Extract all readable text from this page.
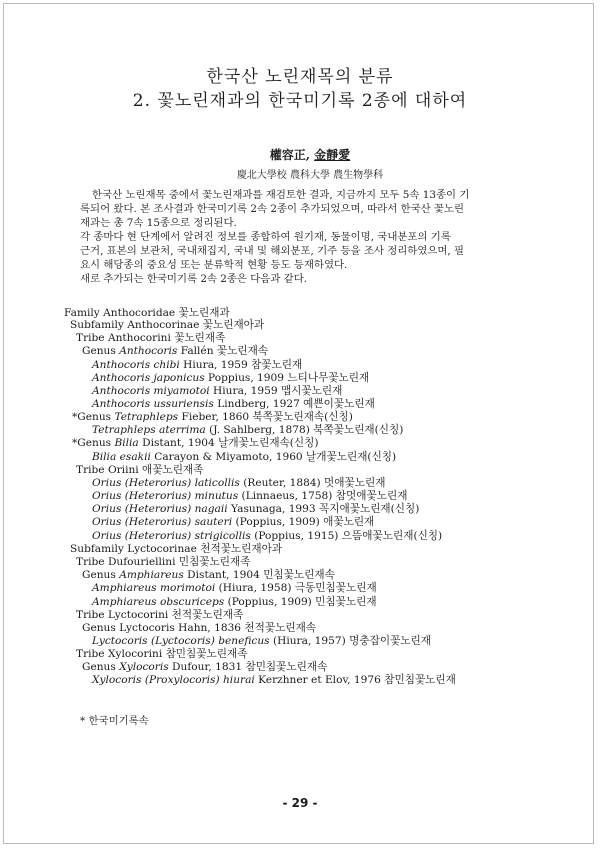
한국산 노린재목의 분류
2. 꽃노린재과의 한국미기록 2종에 대하여
權容正, 金靜愛
慶北大學校 農科大學 農生物學科
한국산 노린재목 중에서 꽃노린재과를 재검토한 결과, 지금까지 모두 5속 13종이 기
록되어 왔다. 본 조사결과 한국미기록 2속 2종이 추가되었으며, 따라서 한국산 꽃노린
재과는 총 7속 15종으로 정리된다.
각 종마다 현 단계에서 알려진 정보를 종합하여 원기재, 동물이명, 국내분포의 기록
근거, 표본의 보관처, 국내채집지, 국내 및 해외분포, 기주 등을 조사 정리하였으며, 필
요시 해당종의 중요성 또는 분류학적 현황 등도 등재하였다.
새로 추가되는 한국미기록 2속 2종은 다음과 같다.
Family Anthocoridae 꽃노린재과
Subfamily Anthocorinae 꽃노린재아과
Tribe Anthocorini 꽃노린재족
Genus Anthocoris Fallén 꽃노린재속
Anthocoris chibi Hiura, 1959 참꽃노린재
Anthocoris japonicus Poppius, 1909 느티나무꽃노린재
Anthocoris miyamotoi Hiura, 1959 맵시꽃노린재
Anthocoris ussuriensis Lindberg, 1927 예쁜이꽃노린재
*Genus Tetraphleps Fieber, 1860 북쪽꽃노린재속(신칭)
Tetraphleps aterrima (J. Sahlberg, 1878) 북쪽꽃노린재(신칭)
*Genus Bilia Distant, 1904 날개꽃노린재속(신칭)
Bilia esakii Carayon & Miyamoto, 1960 날개꽃노린재(신칭)
Tribe Oriini 애꽃노린재족
Orius (Heterorius) laticollis (Reuter, 1884) 멋애꽃노린재
Orius (Heterorius) minutus (Linnaeus, 1758) 참멋애꽃노린재
Orius (Heterorius) nagaii Yasunaga, 1993 꼭지애꽃노린재(신칭)
Orius (Heterorius) sauteri (Poppius, 1909) 애꽃노린재
Orius (Heterorius) strigicollis (Poppius, 1915) 으뜸애꽃노린재(신칭)
Subfamily Lyctocorinae 천적꽃노린재아과
Tribe Dufouriellini 민침꽃노린재족
Genus Amphiareus Distant, 1904 민침꽃노린재속
Amphiareus morimotoi (Hiura, 1958) 극동민침꽃노린재
Amphiareus obscuriceps (Poppius, 1909) 민침꽃노린재
Tribe Lyctocorini 천적꽃노린재족
Genus Lyctocoris Hahn, 1836 천적꽃노린재속
Lyctocoris (Lyctocoris) beneficus (Hiura, 1957) 명충잡이꽃노린재
Tribe Xylocorini 참민침꽃노린재족
Genus Xylocoris Dufour, 1831 참민침꽃노린재속
Xylocoris (Proxylocoris) hiurai Kerzhner et Elov, 1976 참민침꽃노린재
* 한국미기록속
- 29 -
